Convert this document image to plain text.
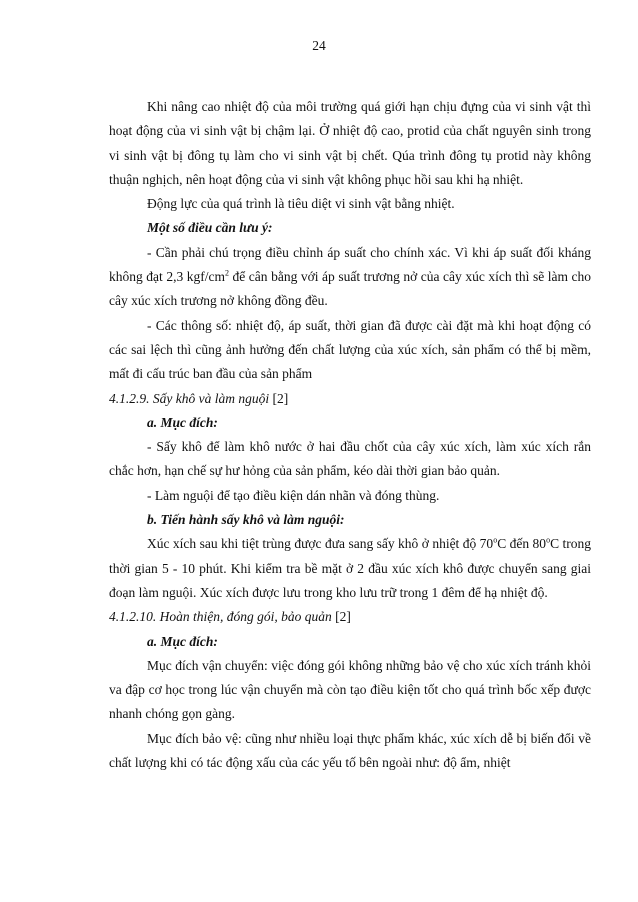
24

Khi nâng cao nhiệt độ của môi trường quá giới hạn chịu đựng của vi sinh vật thì hoạt động của vi sinh vật bị chậm lại. Ở nhiệt độ cao, protid của chất nguyên sinh trong vi sinh vật bị đông tụ làm cho vi sinh vật bị chết. Qúa trình đông tụ protid này không thuận nghịch, nên hoạt động của vi sinh vật không phục hồi sau khi hạ nhiệt.

Động lực của quá trình là tiêu diệt vi sinh vật bằng nhiệt.

Một số điều cần lưu ý:

- Cần phải chú trọng điều chỉnh áp suất cho chính xác. Vì khi áp suất đối kháng không đạt 2,3 kgf/$cm^2$ để cân bằng với áp suất trương nở của cây xúc xích thì sẽ làm cho cây xúc xích trương nở không đồng đều.

- Các thông số: nhiệt độ, áp suất, thời gian đã được cài đặt mà khi hoạt động có các sai lệch thì cũng ảnh hưởng đến chất lượng của xúc xích, sản phẩm có thể bị mềm, mất đi cấu trúc ban đầu của sản phẩm

4.1.2.9. Sấy khô và làm nguội [2]

a. Mục đích:

- Sấy khô để làm khô nước ở hai đầu chốt của cây xúc xích, làm xúc xích rắn chắc hơn, hạn chế sự hư hỏng của sản phẩm, kéo dài thời gian bảo quản.

- Làm nguội để tạo điều kiện dán nhãn và đóng thùng.

b. Tiến hành sấy khô và làm nguội:

Xúc xích sau khi tiệt trùng được đưa sang sấy khô ở nhiệt độ 70$^o$C đến 80$^o$C trong thời gian 5 - 10 phút. Khi kiểm tra bề mặt ở 2 đầu xúc xích khô được chuyển sang giai đoạn làm nguội. Xúc xích được lưu trong kho lưu trữ trong 1 đêm để hạ nhiệt độ.

4.1.2.10. Hoàn thiện, đóng gói, bảo quản [2]

a. Mục đích:

Mục đích vận chuyển: việc đóng gói không những bảo vệ cho xúc xích tránh khỏi va đập cơ học trong lúc vận chuyển mà còn tạo điều kiện tốt cho quá trình bốc xếp được nhanh chóng gọn gàng.

Mục đích bảo vệ: cũng như nhiều loại thực phẩm khác, xúc xích dễ bị biến đổi về chất lượng khi có tác động xấu của các yếu tố bên ngoài như: độ ẩm, nhiệt
